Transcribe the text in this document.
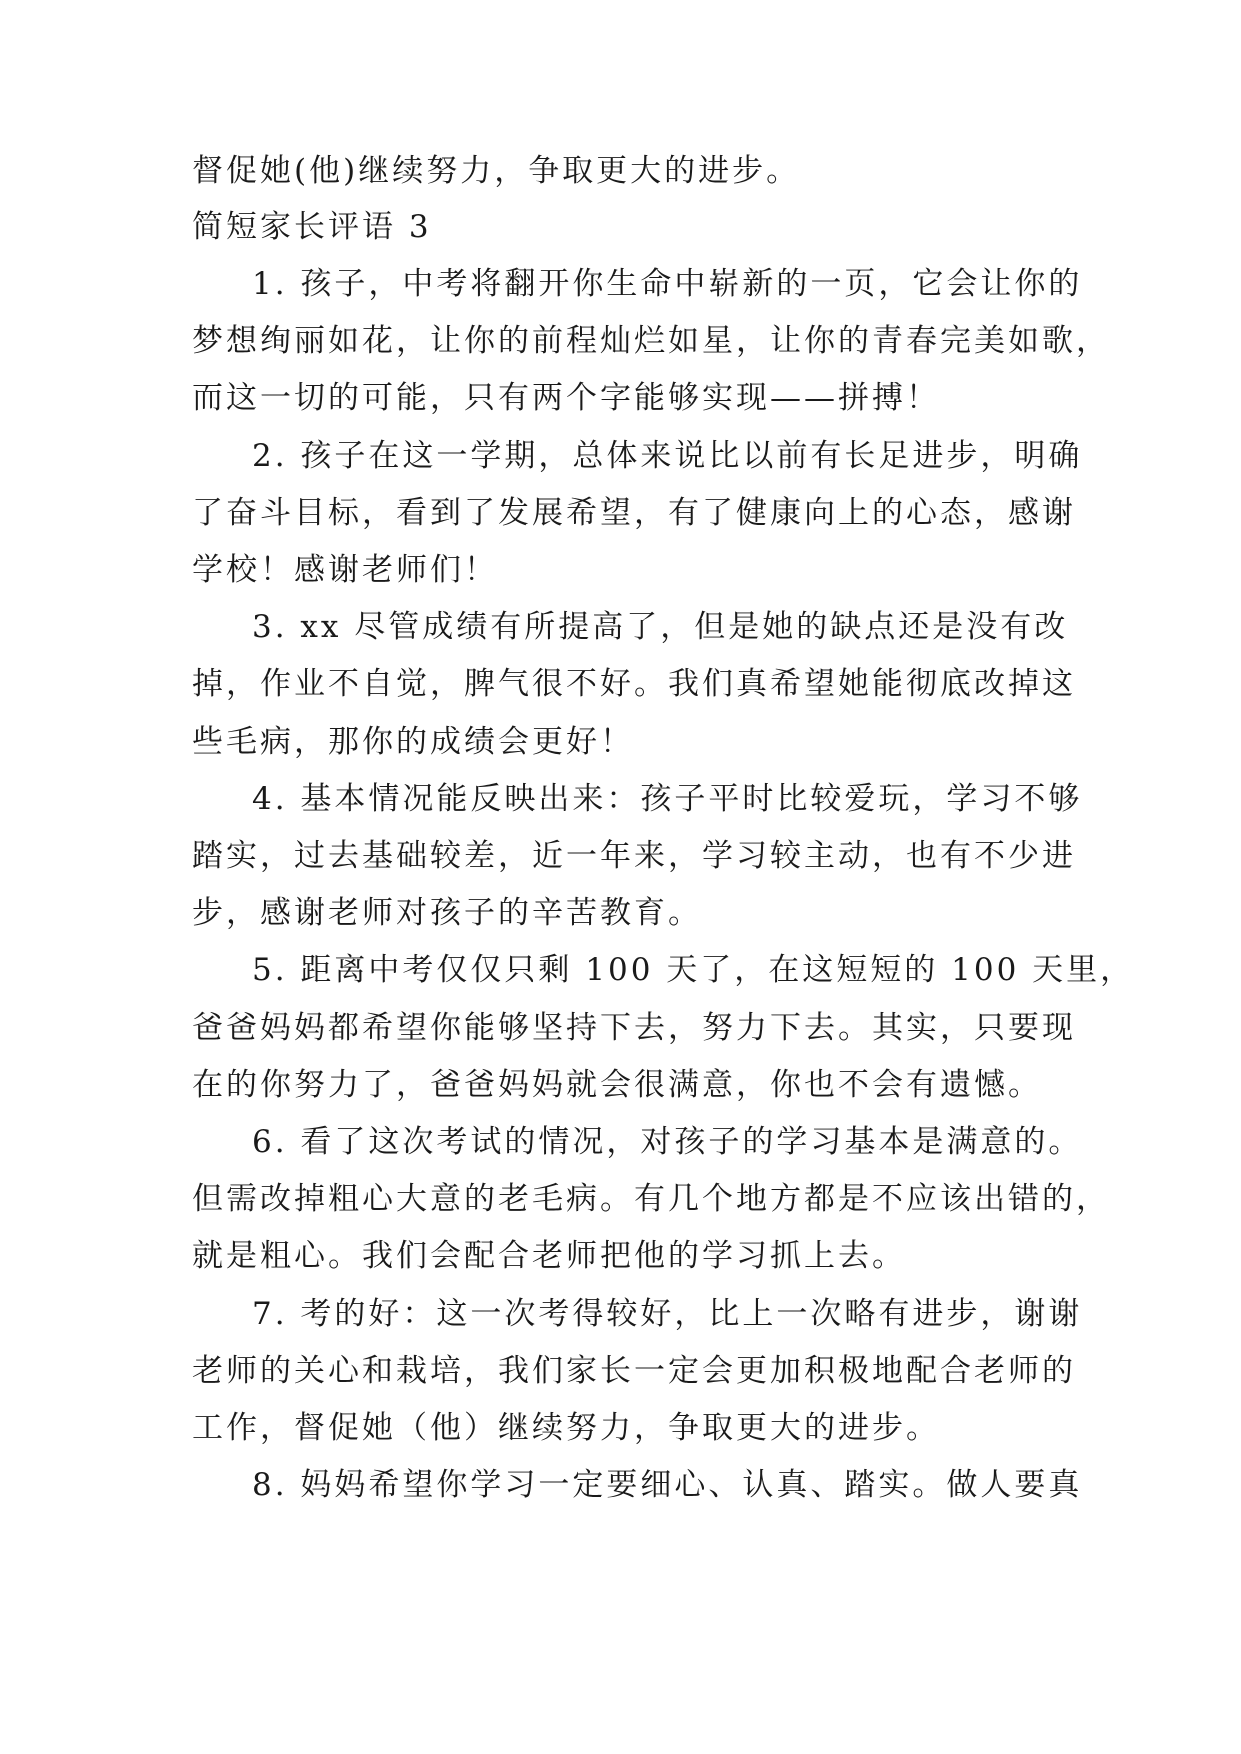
督促她(他)继续努力，争取更大的进步。
简短家长评语 3
1. 孩子，中考将翻开你生命中崭新的一页，它会让你的
梦想绚丽如花，让你的前程灿烂如星，让你的青春完美如歌，
而这一切的可能，只有两个字能够实现——拼搏！
2. 孩子在这一学期，总体来说比以前有长足进步，明确
了奋斗目标，看到了发展希望，有了健康向上的心态，感谢
学校！感谢老师们！
3. xx 尽管成绩有所提高了，但是她的缺点还是没有改
掉，作业不自觉，脾气很不好。我们真希望她能彻底改掉这
些毛病，那你的成绩会更好！
4. 基本情况能反映出来：孩子平时比较爱玩，学习不够
踏实，过去基础较差，近一年来，学习较主动，也有不少进
步，感谢老师对孩子的辛苦教育。
5. 距离中考仅仅只剩 100 天了，在这短短的 100 天里，
爸爸妈妈都希望你能够坚持下去，努力下去。其实，只要现
在的你努力了，爸爸妈妈就会很满意，你也不会有遗憾。
6. 看了这次考试的情况，对孩子的学习基本是满意的。
但需改掉粗心大意的老毛病。有几个地方都是不应该出错的，
就是粗心。我们会配合老师把他的学习抓上去。
7. 考的好：这一次考得较好，比上一次略有进步，谢谢
老师的关心和栽培，我们家长一定会更加积极地配合老师的
工作，督促她（他）继续努力，争取更大的进步。
8. 妈妈希望你学习一定要细心、认真、踏实。做人要真
